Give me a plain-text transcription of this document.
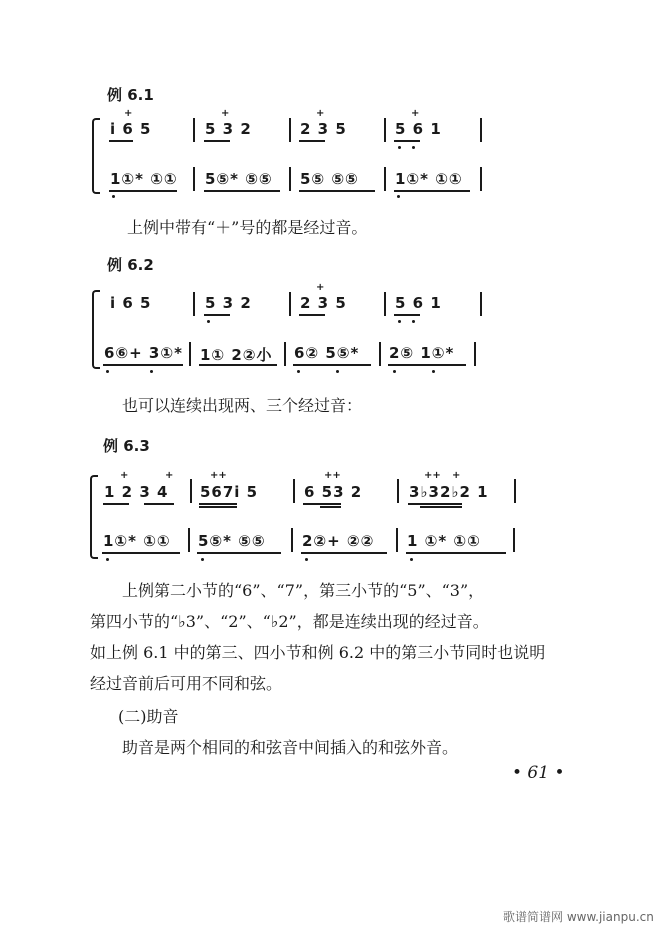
例 6.1
i 6 5	5 3 2	2 3 5	5 6 1
1①* ①① 5⑤* ⑤⑤ 5⑤ ⑤⑤ 1①* ①①
+	+	+	+
上例中带有“＋”号的都是经过音。
例 6.2
i 6 5	5 3 2	2 3 5	5 6 1
6⑥+ 3①* 1① 2②小 6② 5⑤* 2⑤ 1①*
+
也可以连续出现两、三个经过音：
例 6.3
1 2 3 4 567i 5	6 53 2	3♭32♭2 1
1①* ①① 5⑤* ⑤⑤ 2②+ ②② 1 ①* ①①
+	+	++	++	++ +
上例第二小节的“6”、“7”，第三小节的“5”、“3”，
第四小节的“♭3”、“2”、“♭2”，都是连续出现的经过音。
如上例 6.1 中的第三、四小节和例 6.2 中的第三小节同时也说明
经过音前后可用不同和弦。
(二)助音
助音是两个相同的和弦音中间插入的和弦外音。
• 61 •
歌谱简谱网 www.jianpu.cn
